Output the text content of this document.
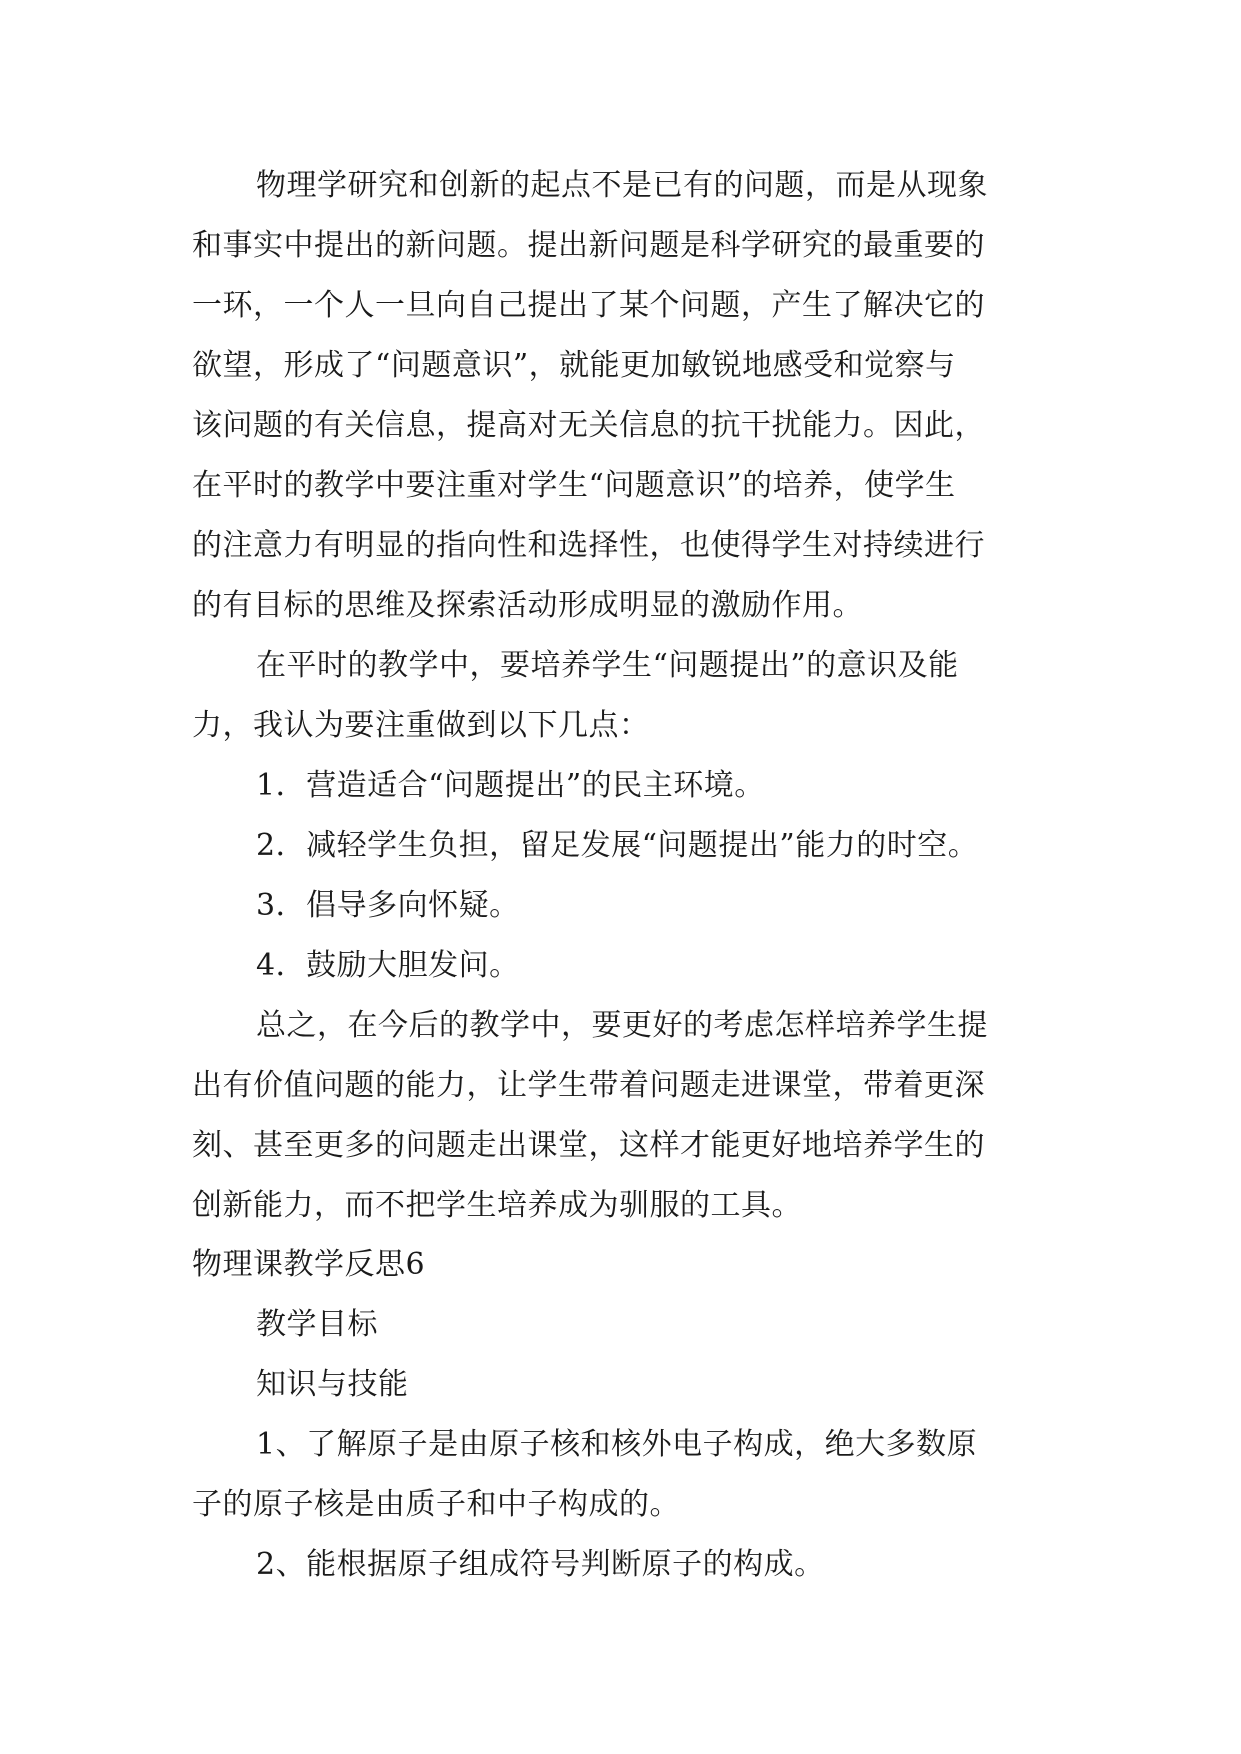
物理学研究和创新的起点不是已有的问题，而是从现象
和事实中提出的新问题。提出新问题是科学研究的最重要的
一环，一个人一旦向自己提出了某个问题，产生了解决它的
欲望，形成了“问题意识”，就能更加敏锐地感受和觉察与
该问题的有关信息，提高对无关信息的抗干扰能力。因此，
在平时的教学中要注重对学生“问题意识”的培养，使学生
的注意力有明显的指向性和选择性，也使得学生对持续进行
的有目标的思维及探索活动形成明显的激励作用。
在平时的教学中，要培养学生“问题提出”的意识及能
力，我认为要注重做到以下几点：
1．营造适合“问题提出”的民主环境。
2．减轻学生负担，留足发展“问题提出”能力的时空。
3．倡导多向怀疑。
4．鼓励大胆发问。
总之，在今后的教学中，要更好的考虑怎样培养学生提
出有价值问题的能力，让学生带着问题走进课堂，带着更深
刻、甚至更多的问题走出课堂，这样才能更好地培养学生的
创新能力，而不把学生培养成为驯服的工具。
物理课教学反思6
教学目标
知识与技能
1、了解原子是由原子核和核外电子构成，绝大多数原
子的原子核是由质子和中子构成的。
2、能根据原子组成符号判断原子的构成。
